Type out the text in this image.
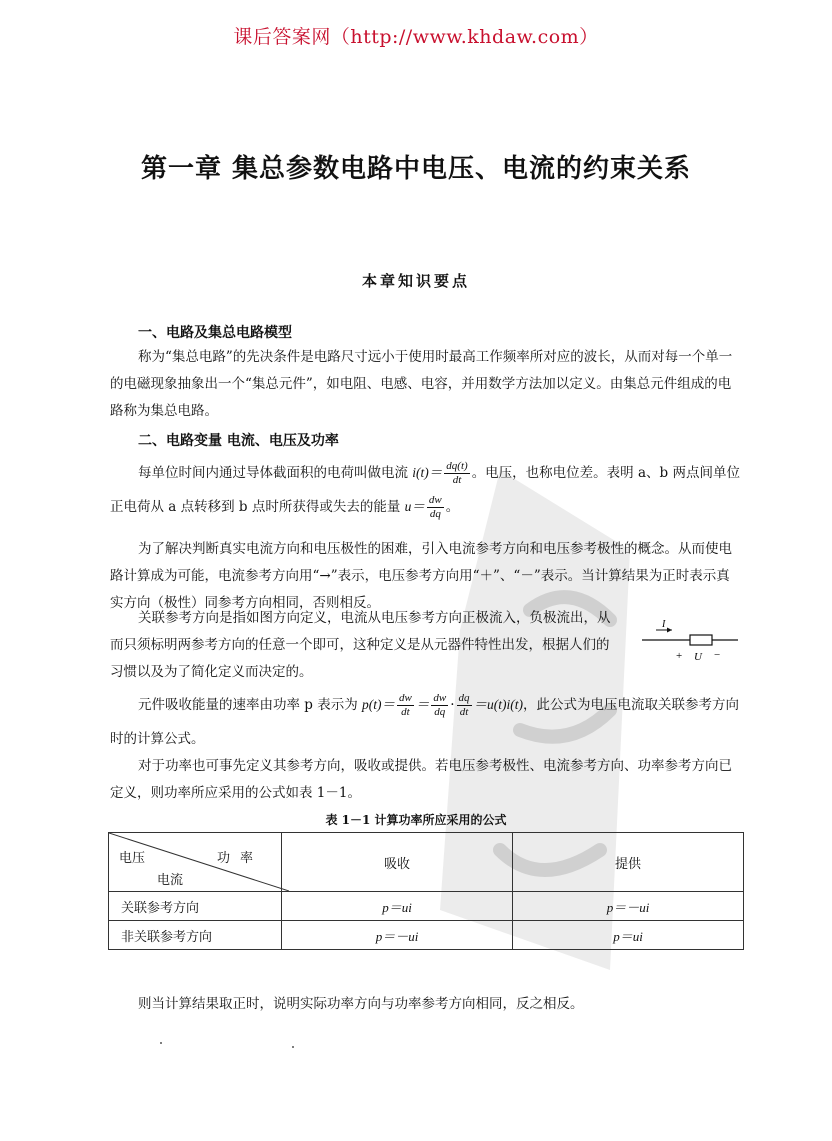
课后答案网（http://www.khdaw.com）
第一章 集总参数电路中电压、电流的约束关系
本章知识要点
一、电路及集总电路模型
称为“集总电路”的先决条件是电路尺寸远小于使用时最高工作频率所对应的波长，从而对每一个单一的电磁现象抽象出一个“集总元件”，如电阻、电感、电容，并用数学方法加以定义。由集总元件组成的电路称为集总电路。
二、电路变量 电流、电压及功率
每单位时间内通过导体截面积的电荷叫做电流 $i(t)= \frac{dq(t)}{dt}$ 。电压，也称电位差。表明 a、b 两点间单位正电荷从 a 点转移到 b 点时所获得或失去的能量 $u= \frac{dw}{dq}$ 。
为了解决判断真实电流方向和电压极性的困难，引入电流参考方向和电压参考极性的概念。从而使电路计算成为可能，电流参考方向用“→”表示，电压参考方向用“＋”、“－”表示。当计算结果为正时表示真实方向（极性）同参考方向相同，否则相反。
关联参考方向是指如图方向定义，电流从电压参考方向正极流入，负极流出，从而只须标明两参考方向的任意一个即可，这种定义是从元器件特性出发，根据人们的习惯以及为了简化定义而决定的。
I
+ U −
元件吸收能量的速率由功率 p 表示为 $p(t)= \frac{dw}{dt} = \frac{dw}{dq} \cdot \frac{dq}{dt} =u(t)i(t)$，此公式为电压电流取关联参考方向时的计算公式。
对于功率也可事先定义其参考方向，吸收或提供。若电压参考极性、电流参考方向、功率参考方向已定义，则功率所应采用的公式如表 1－1。
表 1－1 计算功率所应采用的公式
电压 功率
电流	吸收	提供
关联参考方向	p＝ui	p＝－ui
非关联参考方向	p＝－ui	p＝ui
则当计算结果取正时，说明实际功率方向与功率参考方向相同，反之相反。
